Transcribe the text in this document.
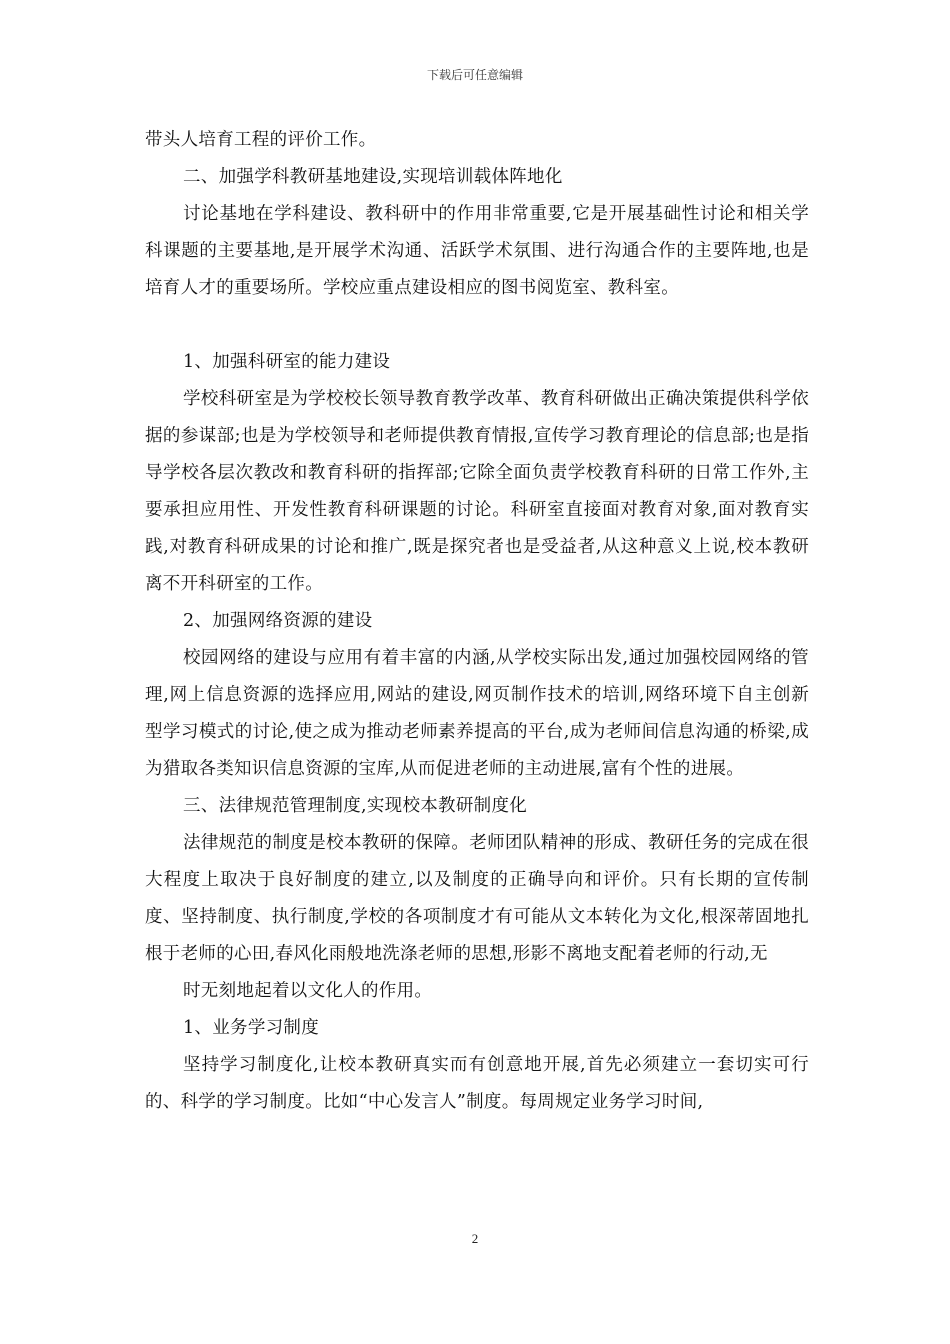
下载后可任意编辑

带头人培育工程的评价工作。

二、加强学科教研基地建设,实现培训载体阵地化

讨论基地在学科建设、教科研中的作用非常重要,它是开展基础性讨论和相关学科课题的主要基地,是开展学术沟通、活跃学术氛围、进行沟通合作的主要阵地,也是培育人才的重要场所。学校应重点建设相应的图书阅览室、教科室。

1、加强科研室的能力建设

学校科研室是为学校校长领导教育教学改革、教育科研做出正确决策提供科学依据的参谋部;也是为学校领导和老师提供教育情报,宣传学习教育理论的信息部;也是指导学校各层次教改和教育科研的指挥部;它除全面负责学校教育科研的日常工作外,主要承担应用性、开发性教育科研课题的讨论。科研室直接面对教育对象,面对教育实践,对教育科研成果的讨论和推广,既是探究者也是受益者,从这种意义上说,校本教研离不开科研室的工作。

2、加强网络资源的建设

校园网络的建设与应用有着丰富的内涵,从学校实际出发,通过加强校园网络的管理,网上信息资源的选择应用,网站的建设,网页制作技术的培训,网络环境下自主创新型学习模式的讨论,使之成为推动老师素养提高的平台,成为老师间信息沟通的桥梁,成为猎取各类知识信息资源的宝库,从而促进老师的主动进展,富有个性的进展。

三、法律规范管理制度,实现校本教研制度化

法律规范的制度是校本教研的保障。老师团队精神的形成、教研任务的完成在很大程度上取决于良好制度的建立,以及制度的正确导向和评价。只有长期的宣传制度、坚持制度、执行制度,学校的各项制度才有可能从文本转化为文化,根深蒂固地扎根于老师的心田,春风化雨般地洗涤老师的思想,形影不离地支配着老师的行动,无

时无刻地起着以文化人的作用。

1、业务学习制度

坚持学习制度化,让校本教研真实而有创意地开展,首先必须建立一套切实可行的、科学的学习制度。比如“中心发言人”制度。每周规定业务学习时间,

2
